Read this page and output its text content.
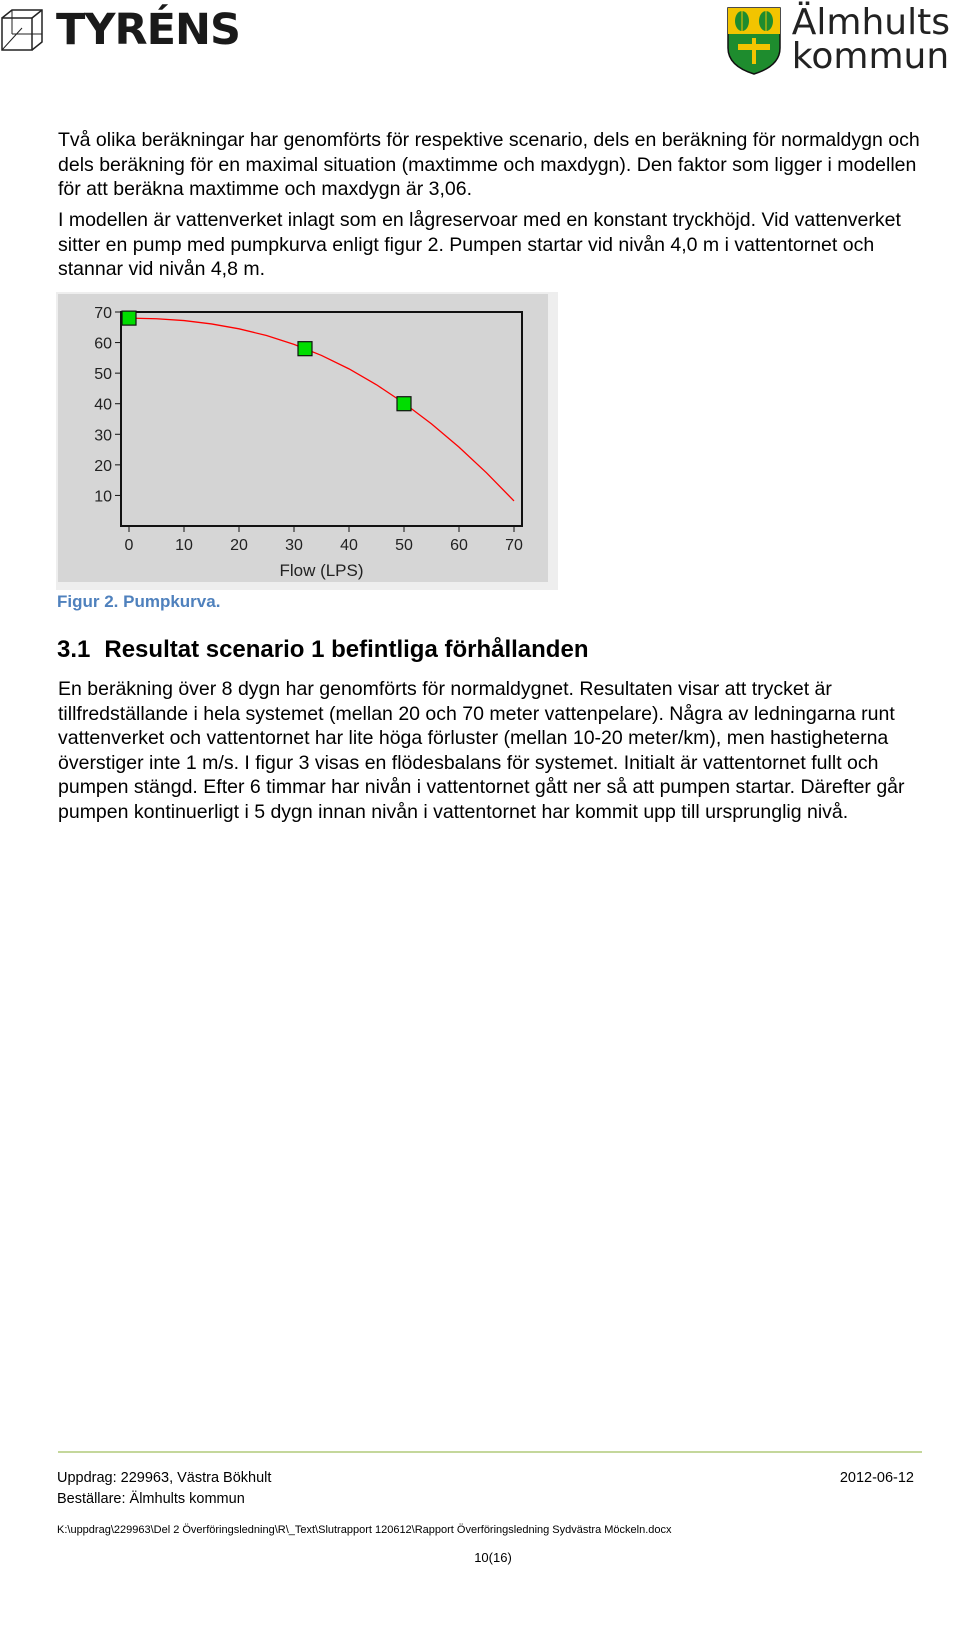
TYRÉNS	Älmhults
kommun

Två olika beräkningar har genomförts för respektive scenario, dels en beräkning för normaldygn och dels beräkning för en maximal situation (maxtimme och maxdygn). Den faktor som ligger i modellen för att beräkna maxtimme och maxdygn är 3,06.

I modellen är vattenverket inlagt som en lågreservoar med en konstant tryckhöjd. Vid vattenverket sitter en pump med pumpkurva enligt figur 2. Pumpen startar vid nivån 4,0 m i vattentornet och stannar vid nivån 4,8 m.

10
20
30
40
50
60
70
0	10 20 30 40 50 60 70
Flow (LPS)
Figur 2. Pumpkurva.
3.1 Resultat scenario 1 befintliga förhållanden

En beräkning över 8 dygn har genomförts för normaldygnet. Resultaten visar att trycket är tillfredställande i hela systemet (mellan 20 och 70 meter vattenpelare). Några av ledningarna runt vattenverket och vattentornet har lite höga förluster (mellan 10-20 meter/km), men hastigheterna överstiger inte 1 m/s. I figur 3 visas en flödesbalans för systemet. Initialt är vattentornet fullt och pumpen stängd. Efter 6 timmar har nivån i vattentornet gått ner så att pumpen startar. Därefter går pumpen kontinuerligt i 5 dygn innan nivån i vattentornet har kommit upp till ursprunglig nivå.

Uppdrag: 229963, Västra Bökhult	2012-06-12
Beställare: Älmhults kommun
K:\uppdrag\229963\Del 2 Överföringsledning\R\_Text\Slutrapport 120612\Rapport Överföringsledning Sydvästra Möckeln.docx
10(16)
